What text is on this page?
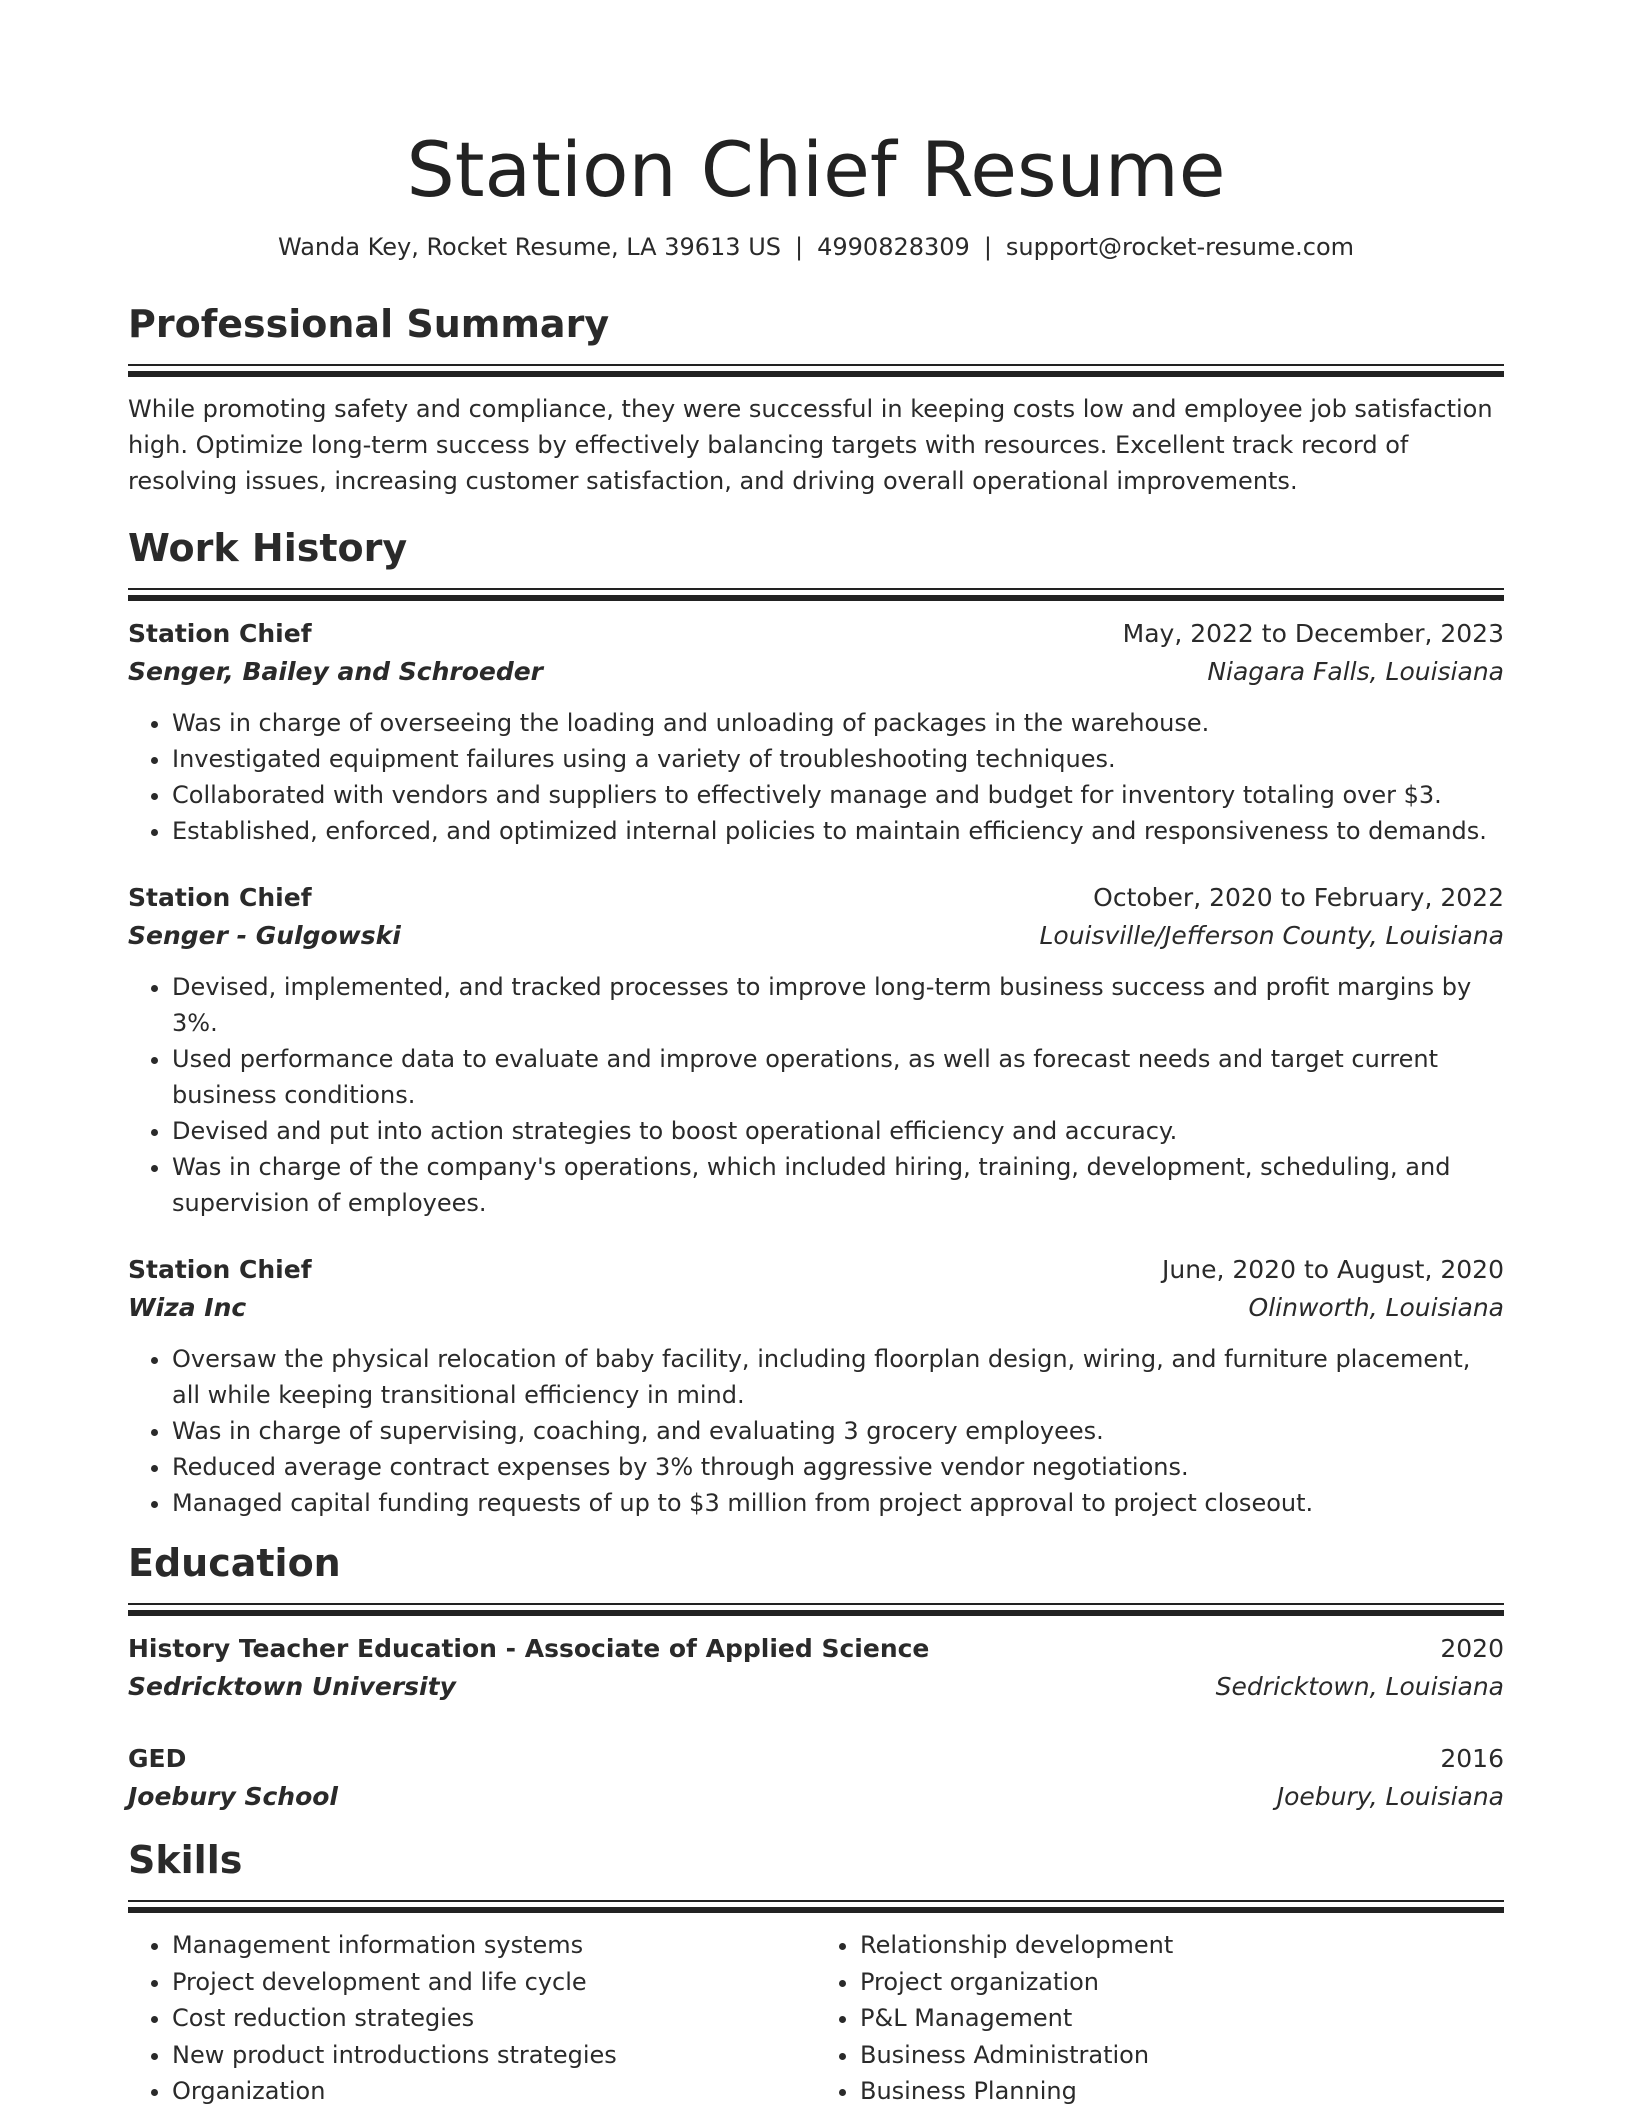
Station Chief Resume
Wanda Key, Rocket Resume, LA 39613 US | 4990828309 | support@rocket-resume.com
Professional Summary
While promoting safety and compliance, they were successful in keeping costs low and employee job satisfaction high. Optimize long-term success by effectively balancing targets with resources. Excellent track record of resolving issues, increasing customer satisfaction, and driving overall operational improvements.
Work History
Station Chief	May, 2022 to December, 2023
Senger, Bailey and Schroeder	Niagara Falls, Louisiana
• Was in charge of overseeing the loading and unloading of packages in the warehouse.
• Investigated equipment failures using a variety of troubleshooting techniques.
• Collaborated with vendors and suppliers to effectively manage and budget for inventory totaling over $3.
• Established, enforced, and optimized internal policies to maintain efficiency and responsiveness to demands.
Station Chief	October, 2020 to February, 2022
Senger - Gulgowski	Louisville/Jefferson County, Louisiana
• Devised, implemented, and tracked processes to improve long-term business success and profit margins by 3%.
• Used performance data to evaluate and improve operations, as well as forecast needs and target current business conditions.
• Devised and put into action strategies to boost operational efficiency and accuracy.
• Was in charge of the company's operations, which included hiring, training, development, scheduling, and supervision of employees.
Station Chief	June, 2020 to August, 2020
Wiza Inc	Olinworth, Louisiana
• Oversaw the physical relocation of baby facility, including floorplan design, wiring, and furniture placement, all while keeping transitional efficiency in mind.
• Was in charge of supervising, coaching, and evaluating 3 grocery employees.
• Reduced average contract expenses by 3% through aggressive vendor negotiations.
• Managed capital funding requests of up to $3 million from project approval to project closeout.
Education
History Teacher Education - Associate of Applied Science	2020
Sedricktown University	Sedricktown, Louisiana
GED	2016
Joebury School	Joebury, Louisiana
Skills
• Management information systems
• Project development and life cycle
• Cost reduction strategies
• New product introductions strategies
• Organization
• Relationship development
• Project organization
• P&L Management
• Business Administration
• Business Planning
